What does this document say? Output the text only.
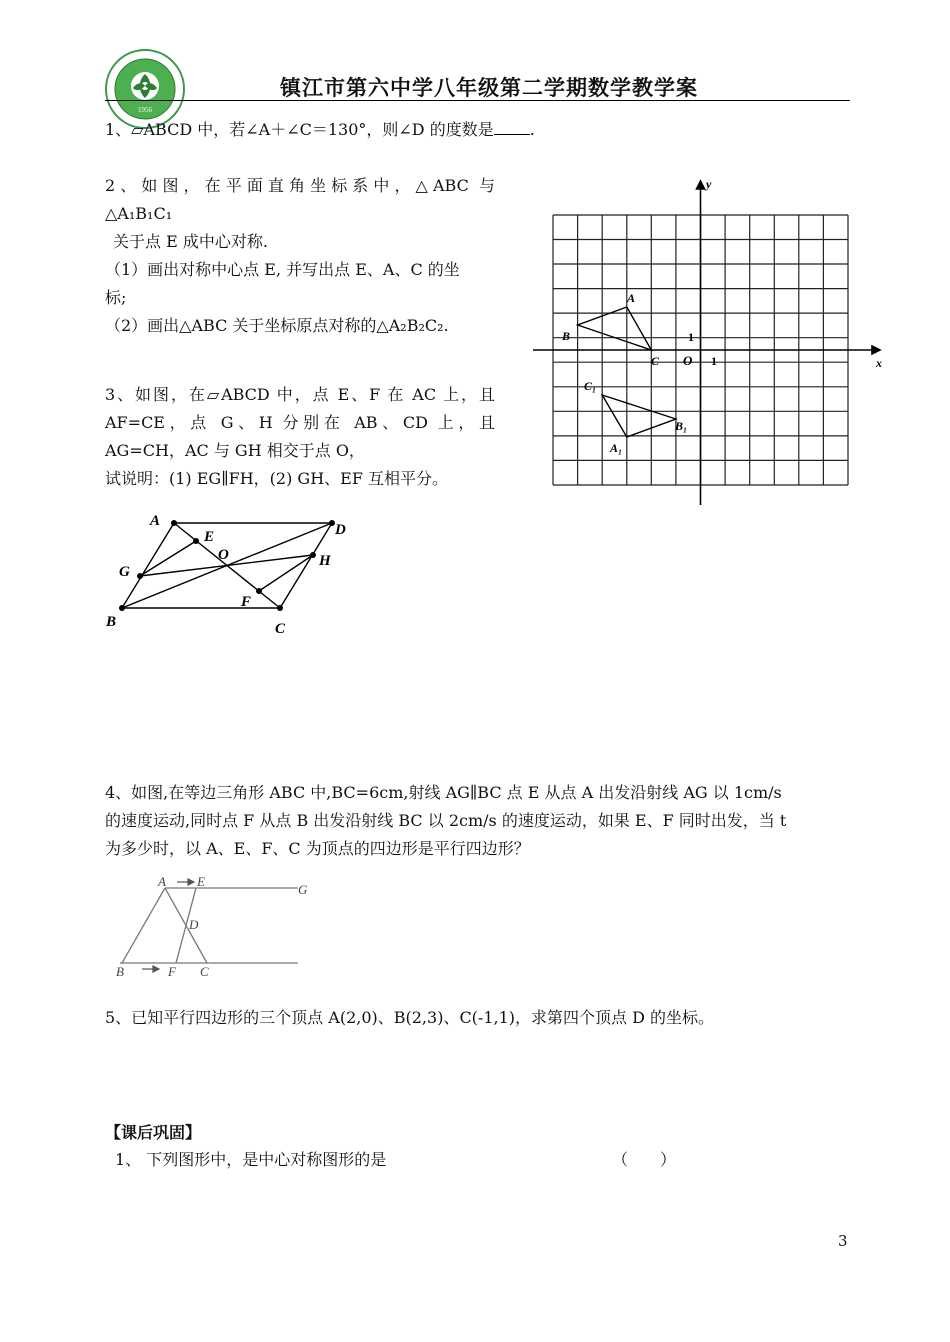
1956
镇江市第六中学八年级第二学期数学教学案
1、▱ABCD 中，若∠A＋∠C＝130°，则∠D 的度数是 .
2、如图，在平面直角坐标系中，△ABC 与
△A₁B₁C₁
关于点 E 成中心对称.
（1）画出对称中心点 E, 并写出点 E、A、C 的坐
标;
（2）画出△ABC 关于坐标原点对称的△A₂B₂C₂.
x
y
O 1
1
A
B
C
C₁
B₁
A₁
3、如图，在▱ABCD 中，点 E、F 在 AC 上，且
AF=CE，点 G、H 分别在 AB、CD 上，且
AG=CH，AC 与 GH 相交于点 O，
试说明：(1) EG∥FH，(2) GH、EF 互相平分。
A
D
E
O	H
G
F
B	C
4、如图,在等边三角形 ABC 中,BC=6cm,射线 AG∥BC 点 E 从点 A 出发沿射线 AG 以 1cm/s
的速度运动,同时点 F 从点 B 出发沿射线 BC 以 2cm/s 的速度运动，如果 E、F 同时出发，当 t
为多少时，以 A、E、F、C 为顶点的四边形是平行四边形？
A E
G
D
B	F C
5、已知平行四边形的三个顶点 A(2,0)、B(2,3)、C(-1,1)，求第四个顶点 D 的坐标。
【课后巩固】
1、 下列图形中，是中心对称图形的是	（　　）
3
